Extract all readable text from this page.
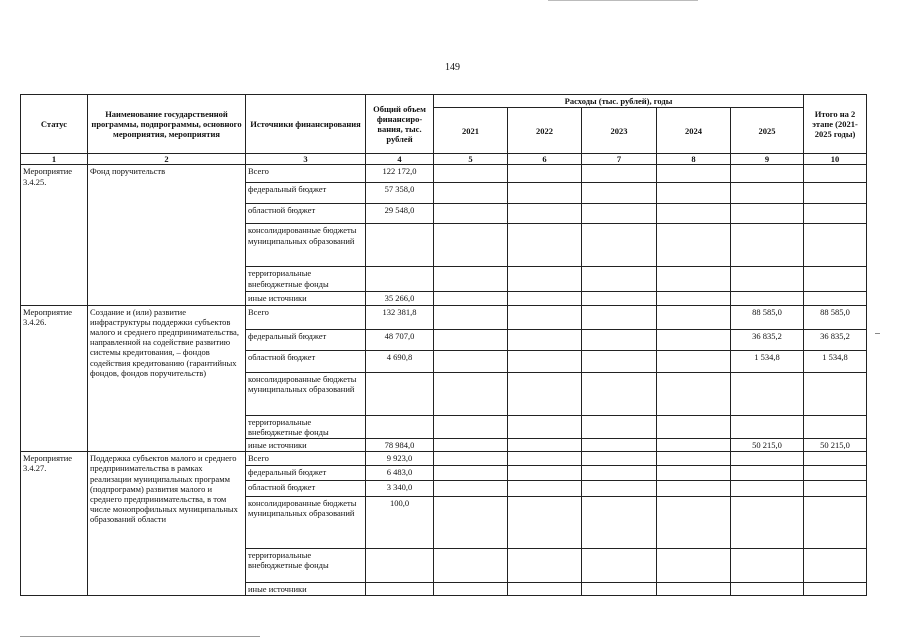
149
Статус	Наименование государственной программы, подпрограммы, основного мероприятия, мероприятия	Источники финансирования	Общий объем финансиро-вания, тыс. рублей	Расходы (тыс. рублей), годы					Итого на 2 этапе (2021-2025 годы)
				2021	2022	2023	2024	2025	
1	2	3	4	5	6	7	8	9	10
Мероприятие 3.4.25.	Фонд поручительств	Всего	122 172,0						
		федеральный бюджет	57 358,0						
		областной бюджет	29 548,0						
		консолидированные бюджеты муниципальных образований							
		территориальные внебюджетные фонды							
		иные источники	35 266,0						
Мероприятие 3.4.26.	Создание и (или) развитие инфраструктуры поддержки субъектов малого и среднего предпринимательства, направленной на содействие развитию системы кредитования, – фондов содействия кредитованию (гарантийных фондов, фондов поручительств)	Всего	132 381,8					88 585,0	88 585,0
		федеральный бюджет	48 707,0					36 835,2	36 835,2
		областной бюджет	4 690,8					1 534,8	1 534,8
		консолидированные бюджеты муниципальных образований							
		территориальные внебюджетные фонды							
		иные источники	78 984,0					50 215,0	50 215,0
Мероприятие 3.4.27.	Поддержка субъектов малого и среднего предпринимательства в рамках реализации муниципальных программ (подпрограмм) развития малого и среднего предпринимательства, в том числе монопрофильных муниципальных образований области	Всего	9 923,0						
		федеральный бюджет	6 483,0						
		областной бюджет	3 340,0						
		консолидированные бюджеты муниципальных образований	100,0						
		территориальные внебюджетные фонды							
		иные источники							
